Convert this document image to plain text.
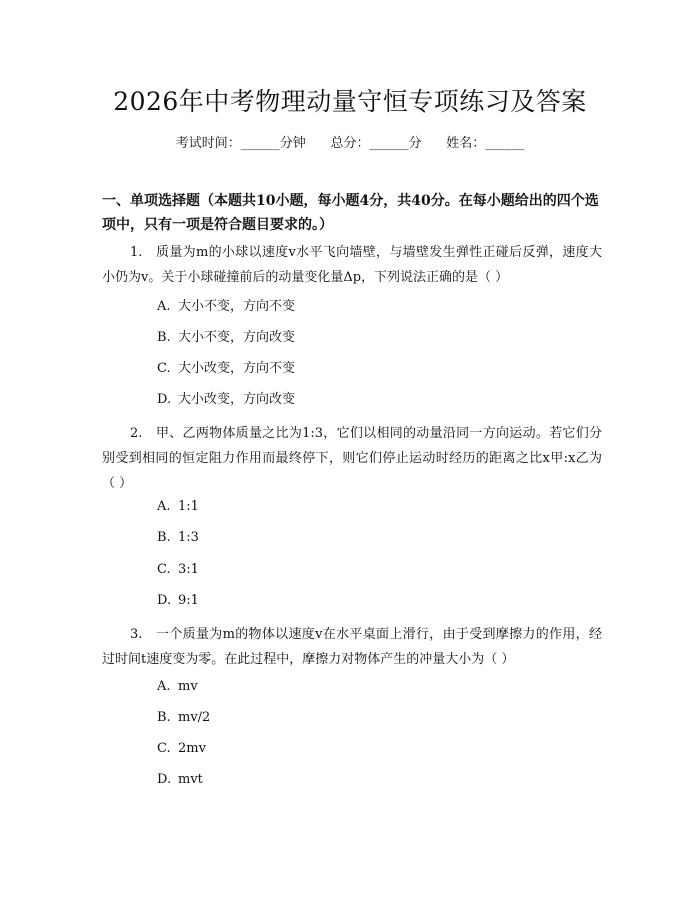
2026年中考物理动量守恒专项练习及答案
考试时间：______分钟      总分：______分      姓名：______
一、单项选择题（本题共10小题，每小题4分，共40分。在每小题给出的四个选项中，只有一项是符合题目要求的。）
1.　质量为m的小球以速度v水平飞向墙壁，与墙壁发生弹性正碰后反弹，速度大小仍为v。关于小球碰撞前后的动量变化量Δp，下列说法正确的是（ ）
A. 大小不变，方向不变
B. 大小不变，方向改变
C. 大小改变，方向不变
D. 大小改变，方向改变
2.　甲、乙两物体质量之比为1:3，它们以相同的动量沿同一方向运动。若它们分别受到相同的恒定阻力作用而最终停下，则它们停止运动时经历的距离之比x甲:x乙为（ ）
A. 1:1
B. 1:3
C. 3:1
D. 9:1
3.　一个质量为m的物体以速度v在水平桌面上滑行，由于受到摩擦力的作用，经过时间t速度变为零。在此过程中，摩擦力对物体产生的冲量大小为（ ）
A. mv
B. mv/2
C. 2mv
D. mvt
